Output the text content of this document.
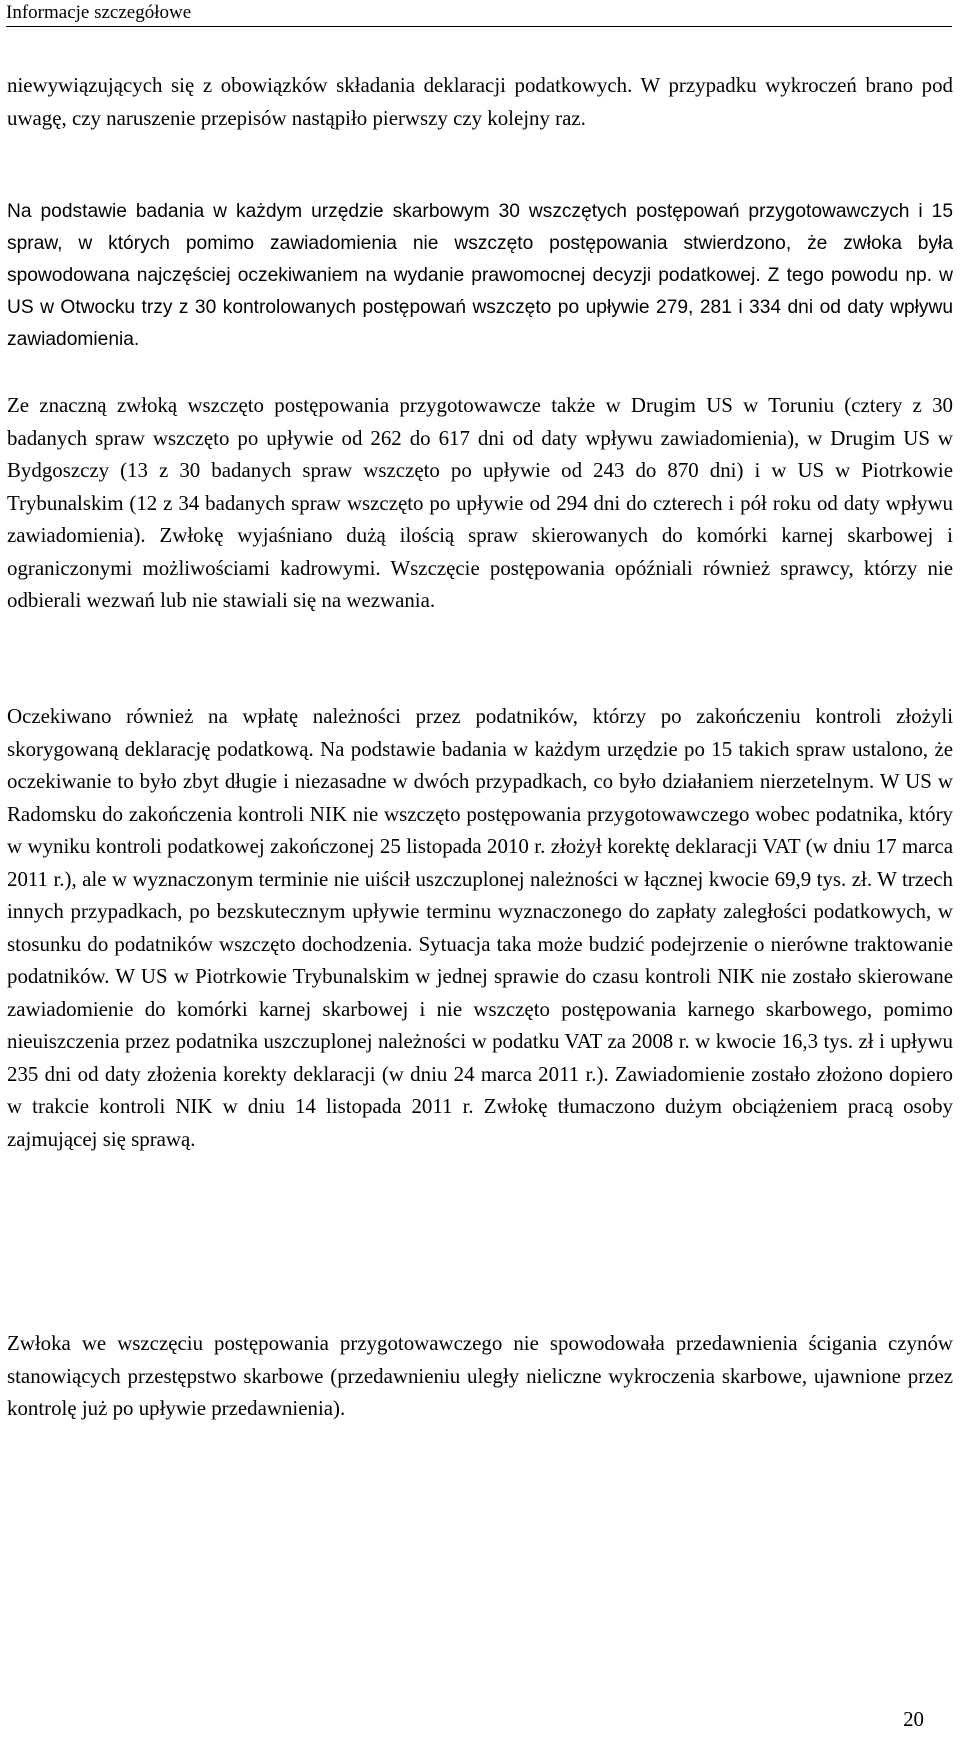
Informacje szczegółowe

niewywiązujących się z obowiązków składania deklaracji podatkowych. W przypadku wykroczeń brano pod uwagę, czy naruszenie przepisów nastąpiło pierwszy czy kolejny raz.

Na podstawie badania w każdym urzędzie skarbowym 30 wszczętych postępowań przygotowawczych i 15 spraw, w których pomimo zawiadomienia nie wszczęto postępowania stwierdzono, że zwłoka była spowodowana najczęściej oczekiwaniem na wydanie prawomocnej decyzji podatkowej. Z tego powodu np. w US w Otwocku trzy z 30 kontrolowanych postępowań wszczęto po upływie 279, 281 i 334 dni od daty wpływu zawiadomienia.

Ze znaczną zwłoką wszczęto postępowania przygotowawcze także w Drugim US w Toruniu (cztery z 30 badanych spraw wszczęto po upływie od 262 do 617 dni od daty wpływu zawiadomienia), w Drugim US w Bydgoszczy (13 z 30 badanych spraw wszczęto po upływie od 243 do 870 dni) i w US w Piotrkowie Trybunalskim (12 z 34 badanych spraw wszczęto po upływie od 294 dni do czterech i pół roku od daty wpływu zawiadomienia). Zwłokę wyjaśniano dużą ilością spraw skierowanych do komórki karnej skarbowej i ograniczonymi możliwościami kadrowymi. Wszczęcie postępowania opóźniali również sprawcy, którzy nie odbierali wezwań lub nie stawiali się na wezwania.

Oczekiwano również na wpłatę należności przez podatników, którzy po zakończeniu kontroli złożyli skorygowaną deklarację podatkową. Na podstawie badania w każdym urzędzie po 15 takich spraw ustalono, że oczekiwanie to było zbyt długie i niezasadne w dwóch przypadkach, co było działaniem nierzetelnym. W US w Radomsku do zakończenia kontroli NIK nie wszczęto postępowania przygotowawczego wobec podatnika, który w wyniku kontroli podatkowej zakończonej 25 listopada 2010 r. złożył korektę deklaracji VAT (w dniu 17 marca 2011 r.), ale w wyznaczonym terminie nie uiścił uszczuplonej należności w łącznej kwocie 69,9 tys. zł. W trzech innych przypadkach, po bezskutecznym upływie terminu wyznaczonego do zapłaty zaległości podatkowych, w stosunku do podatników wszczęto dochodzenia. Sytuacja taka może budzić podejrzenie o nierówne traktowanie podatników. W US w Piotrkowie Trybunalskim w jednej sprawie do czasu kontroli NIK nie zostało skierowane zawiadomienie do komórki karnej skarbowej i nie wszczęto postępowania karnego skarbowego, pomimo nieuiszczenia przez podatnika uszczuplonej należności w podatku VAT za 2008 r. w kwocie 16,3 tys. zł i upływu 235 dni od daty złożenia korekty deklaracji (w dniu 24 marca 2011 r.). Zawiadomienie zostało złożono dopiero w trakcie kontroli NIK w dniu 14 listopada 2011 r. Zwłokę tłumaczono dużym obciążeniem pracą osoby zajmującej się sprawą.

Zwłoka we wszczęciu postępowania przygotowawczego nie spowodowała przedawnienia ścigania czynów stanowiących przestępstwo skarbowe (przedawnieniu uległy nieliczne wykroczenia skarbowe, ujawnione przez kontrolę już po upływie przedawnienia).

20
